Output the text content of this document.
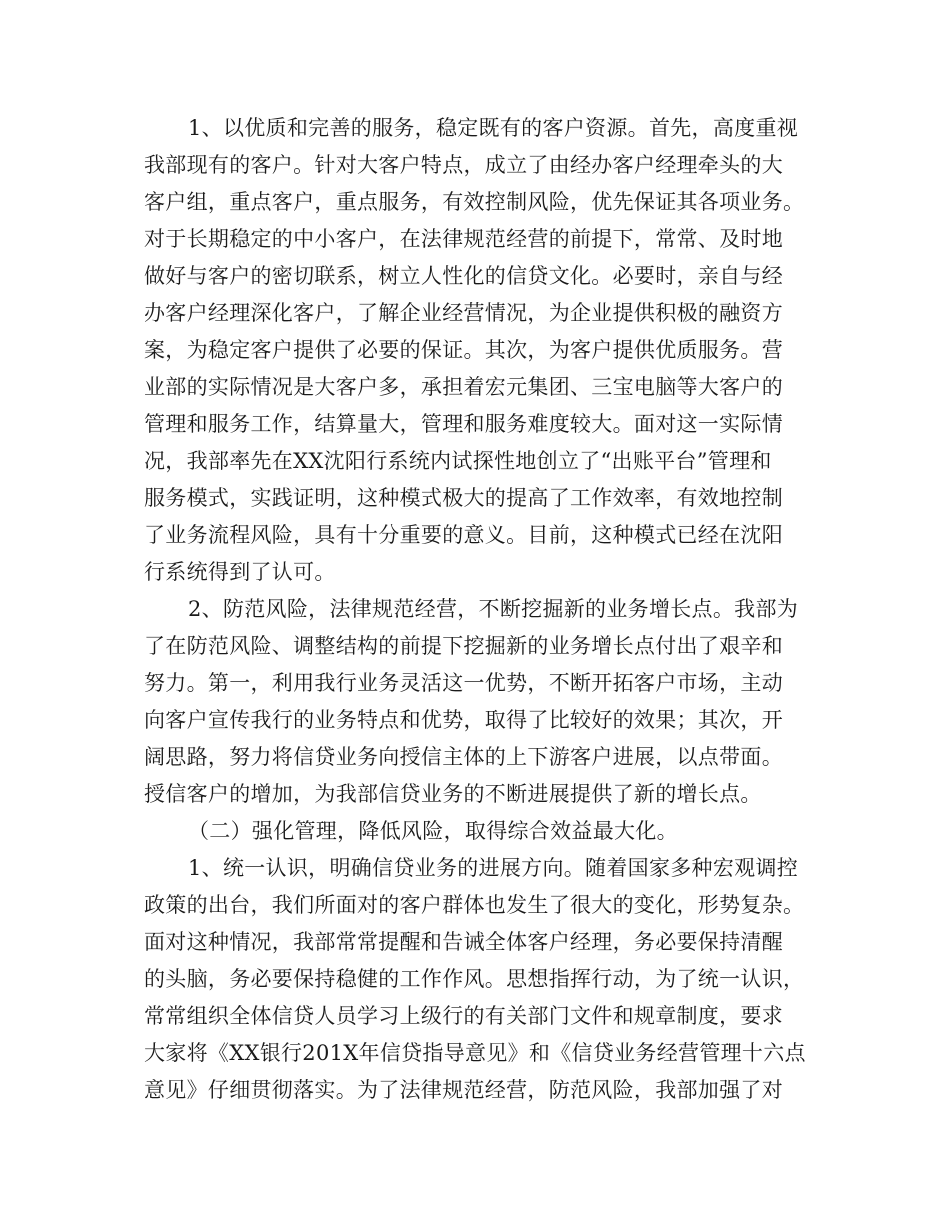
1、以优质和完善的服务，稳定既有的客户资源。首先，高度重视
我部现有的客户。针对大客户特点，成立了由经办客户经理牵头的大
客户组，重点客户，重点服务，有效控制风险，优先保证其各项业务。
对于长期稳定的中小客户，在法律规范经营的前提下，常常、及时地
做好与客户的密切联系，树立人性化的信贷文化。必要时，亲自与经
办客户经理深化客户，了解企业经营情况，为企业提供积极的融资方
案，为稳定客户提供了必要的保证。其次，为客户提供优质服务。营
业部的实际情况是大客户多，承担着宏元集团、三宝电脑等大客户的
管理和服务工作，结算量大，管理和服务难度较大。面对这一实际情
况，我部率先在XX沈阳行系统内试探性地创立了“出账平台”管理和
服务模式，实践证明，这种模式极大的提高了工作效率，有效地控制
了业务流程风险，具有十分重要的意义。目前，这种模式已经在沈阳
行系统得到了认可。
2、防范风险，法律规范经营，不断挖掘新的业务增长点。我部为
了在防范风险、调整结构的前提下挖掘新的业务增长点付出了艰辛和
努力。第一，利用我行业务灵活这一优势，不断开拓客户市场，主动
向客户宣传我行的业务特点和优势，取得了比较好的效果；其次，开
阔思路，努力将信贷业务向授信主体的上下游客户进展，以点带面。
授信客户的增加，为我部信贷业务的不断进展提供了新的增长点。
（二）强化管理，降低风险，取得综合效益最大化。
1、统一认识，明确信贷业务的进展方向。随着国家多种宏观调控
政策的出台，我们所面对的客户群体也发生了很大的变化，形势复杂。
面对这种情况，我部常常提醒和告诫全体客户经理，务必要保持清醒
的头脑，务必要保持稳健的工作作风。思想指挥行动，为了统一认识，
常常组织全体信贷人员学习上级行的有关部门文件和规章制度，要求
大家将《XX银行201X年信贷指导意见》和《信贷业务经营管理十六点
意见》仔细贯彻落实。为了法律规范经营，防范风险，我部加强了对
